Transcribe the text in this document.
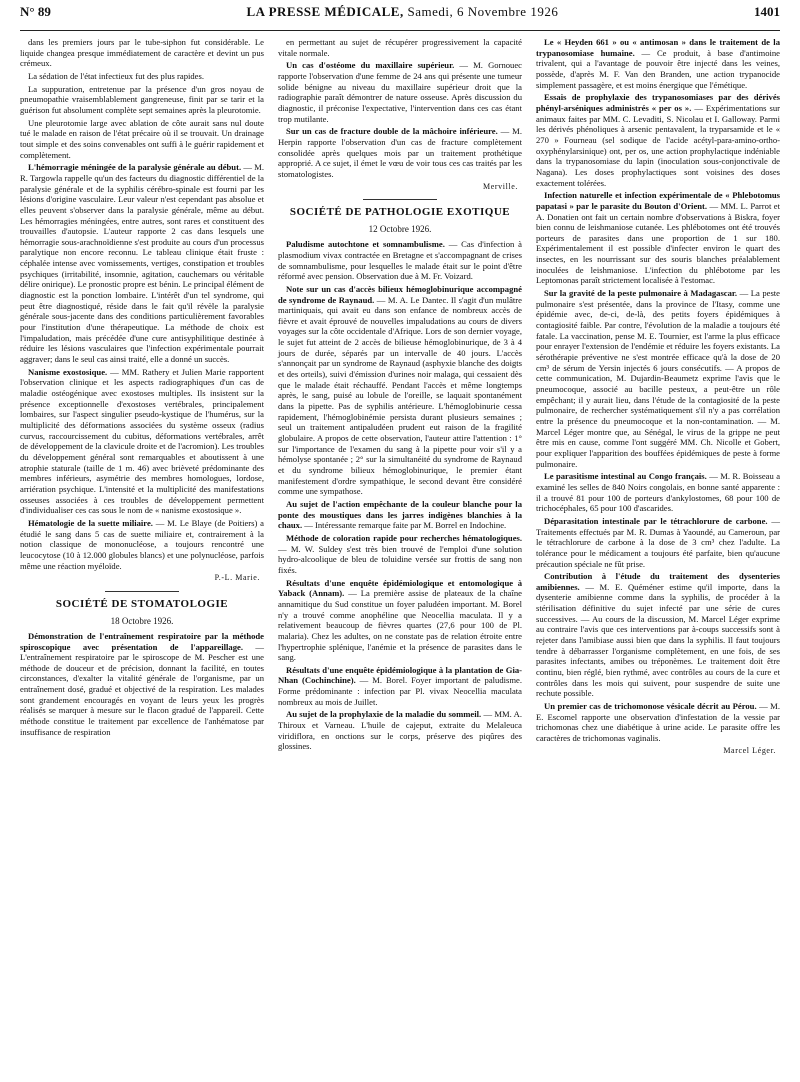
N° 89	LA PRESSE MÉDICALE, Samedi, 6 Novembre 1926	1401

dans les premiers jours par le tube-siphon fut considérable. Le liquide changea presque immédiatement de caractère et devint un pus crémeux.

La sédation de l'état infectieux fut des plus rapides.

La suppuration, entretenue par la présence d'un gros noyau de pneumopathie vraisemblablement gangreneuse, finit par se tarir et la guérison fut absolument complète sept semaines après la pleurotomie.

Une pleurotomie large avec ablation de côte aurait sans nul doute tué le malade en raison de l'état précaire où il se trouvait. Un drainage tout simple et des soins convenables ont suffi à le guérir rapidement et complètement.

L'hémorragie méningée de la paralysie générale au début. — M. R. Targowla rappelle qu'un des facteurs du diagnostic différentiel de la paralysie générale et de la syphilis cérébro-spinale est fourni par les lésions d'origine vasculaire. Leur valeur n'est cependant pas absolue et elles peuvent s'observer dans la paralysie générale, même au début. Les hémorragies méningées, entre autres, sont rares et constituent des trouvailles d'autopsie. L'auteur rapporte 2 cas dans lesquels une hémorragie sous-arachnoïdienne s'est produite au cours d'un processus paralytique non encore reconnu. Le tableau clinique était fruste : céphalée intense avec vomissements, vertiges, constipation et troubles psychiques (irritabilité, insomnie, agitation, cauchemars ou véritable délire onirique). Le pronostic propre est bénin. Le principal élément de diagnostic est la ponction lombaire. L'intérêt d'un tel syndrome, qui peut être diagnostiqué, réside dans le fait qu'il révèle la paralysie générale sous-jacente dans des conditions particulièrement favorables pour l'institution d'une thérapeutique. La méthode de choix est l'impaludation, mais précédée d'une cure antisyphilitique destinée à réduire les lésions vasculaires que l'infection expérimentale pourrait aggraver; dans le seul cas ainsi traité, elle a donné un succès.

Nanisme exostosique. — MM. Rathery et Julien Marie rapportent l'observation clinique et les aspects radiographiques d'un cas de maladie ostéogénique avec exostoses multiples. Ils insistent sur la présence exceptionnelle d'exostoses vertébrales, principalement lombaires, sur l'aspect singulier pseudo-kystique de l'humérus, sur la multiplicité des déformations associées du système osseux (radius curvus, raccourcissement du cubitus, déformations vertébrales, arrêt de développement de la clavicule droite et de l'acromion). Les troubles du développement général sont remarquables et aboutissent à une atrophie staturale (taille de 1 m. 46) avec brièveté prédominante des membres inférieurs, asymétrie des membres homologues, lordose, arriération psychique. L'intensité et la multiplicité des manifestations osseuses associées à ces troubles de développement permettent d'individualiser ces cas sous le nom de « nanisme exostosique ».

Hématologie de la suette miliaire. — M. Le Blaye (de Poitiers) a étudié le sang dans 5 cas de suette miliaire et, contrairement à la notion classique de mononucléose, a toujours rencontré une leucocytose (10 à 12.000 globules blancs) et une polynucléose, parfois même une réaction myéloïde.

P.-L. Marie.
SOCIÉTÉ DE STOMATOLOGIE
18 Octobre 1926.

Démonstration de l'entraînement respiratoire par la méthode spiroscopique avec présentation de l'appareillage. — L'entraînement respiratoire par le spiroscope de M. Pescher est une méthode de douceur et de précision, donnant la facilité, en toutes circonstances, d'exalter la vitalité générale de l'organisme, par un entraînement dosé, gradué et objectivé de la respiration. Les malades sont grandement encouragés en voyant de leurs yeux les progrès réalisés se marquer à mesure sur le flacon gradué de l'appareil. Cette méthode constitue le traitement par excellence de l'anhématose par insuffisance de respiration

en permettant au sujet de récupérer progressivement la capacité vitale normale.

Un cas d'ostéome du maxillaire supérieur. — M. Gornouec rapporte l'observation d'une femme de 24 ans qui présente une tumeur solide bénigne au niveau du maxillaire supérieur droit que la radiographie paraît démontrer de nature osseuse. Après discussion du diagnostic, il préconise l'expectative, l'intervention dans ces cas étant trop mutilante.

Sur un cas de fracture double de la mâchoire inférieure. — M. Herpin rapporte l'observation d'un cas de fracture complètement consolidée après quelques mois par un traitement prothétique approprié. A ce sujet, il émet le vœu de voir tous ces cas traités par les stomatologistes.

Merville.
SOCIÉTÉ DE PATHOLOGIE EXOTIQUE
12 Octobre 1926.

Paludisme autochtone et somnambulisme. — Cas d'infection à plasmodium vivax contractée en Bretagne et s'accompagnant de crises de somnambulisme, pour lesquelles le malade était sur le point d'être réformé avec pension. Observation due à M. Fr. Voizard.

Note sur un cas d'accès bilieux hémoglobinurique accompagné de syndrome de Raynaud. — M. A. Le Dantec. Il s'agit d'un mulâtre martiniquais, qui avait eu dans son enfance de nombreux accès de fièvre et avait éprouvé de nouvelles impaludations au cours de divers voyages sur la côte occidentale d'Afrique. Lors de son dernier voyage, le sujet fut atteint de 2 accès de bilieuse hémoglobinurique, de 3 à 4 jours de durée, séparés par un intervalle de 40 jours. L'accès s'annonçait par un syndrome de Raynaud (asphyxie blanche des doigts et des orteils), suivi d'émission d'urines noir malaga, qui cessaient dès que le malade était réchauffé. Pendant l'accès et même longtemps après, le sang, puisé au lobule de l'oreille, se laquait spontanément dans la pipette. Pas de syphilis antérieure. L'hémoglobinurie cessa rapidement, l'hémoglobinémie persista durant plusieurs semaines ; seul un traitement antipaludéen prudent eut raison de la fragilité globulaire. A propos de cette observation, l'auteur attire l'attention : 1° sur l'importance de l'examen du sang à la pipette pour voir s'il y a hémolyse spontanée ; 2° sur la simultanéité du syndrome de Raynaud et du syndrome bilieux hémoglobinurique, le premier étant manifestement d'ordre sympathique, le second devant être considéré comme une sympathose.

Au sujet de l'action empêchante de la couleur blanche pour la ponte des moustiques dans les jarres indigènes blanchies à la chaux. — Intéressante remarque faite par M. Borrel en Indochine.

Méthode de coloration rapide pour recherches hématologiques. — M. W. Suldey s'est très bien trouvé de l'emploi d'une solution hydro-alcoolique de bleu de toluidine versée sur frottis de sang non fixés.

Résultats d'une enquête épidémiologique et entomologique à Yaback (Annam). — La première assise de plateaux de la chaîne annamitique du Sud constitue un foyer paludéen important. M. Borel n'y a trouvé comme anophéline que Neocellia maculata. Il y a relativement beaucoup de fièvres quartes (27,6 pour 100 de Pl. malaria). Chez les adultes, on ne constate pas de relation étroite entre l'hypertrophie splénique, l'anémie et la présence de parasites dans le sang.

Résultats d'une enquête épidémiologique à la plantation de Gia-Nhan (Cochinchine). — M. Borel. Foyer important de paludisme. Forme prédominante : infection par Pl. vivax Neocellia maculata nombreux au mois de Juillet.

Au sujet de la prophylaxie de la maladie du sommeil. — MM. A. Thiroux et Varneau. L'huile de cajeput, extraite du Melaleuca viridiflora, en onctions sur le corps, préserve des piqûres des glossines.

Le « Heyden 661 » ou « antimosan » dans le traitement de la trypanosomiase humaine. — Ce produit, à base d'antimoine trivalent, qui a l'avantage de pouvoir être injecté dans les veines, possède, d'après M. F. Van den Branden, une action trypanocide simplement passagère, et est moins énergique que l'émétique.

Essais de prophylaxie des trypanosomiases par des dérivés phényl-arséniques administrés « per os ». — Expérimentations sur animaux faites par MM. C. Levaditi, S. Nicolau et I. Galloway. Parmi les dérivés phénoliques à arsenic pentavalent, la tryparsamide et le « 270 » Fourneau (sel sodique de l'acide acétyl-para-amino-ortho-oxyphénylarsinique) ont, per os, une action prophylactique indéniable dans la trypanosomiase du lapin (inoculation sous-conjonctivale de Nagana). Les doses prophylactiques sont voisines des doses exactement tolérées.

Infection naturelle et infection expérimentale de « Phlebotomus papatasi » par le parasite du Bouton d'Orient. — MM. L. Parrot et A. Donatien ont fait un certain nombre d'observations à Biskra, foyer bien connu de leishmaniose cutanée. Les phlébotomes ont été trouvés porteurs de parasites dans une proportion de 1 sur 180. Expérimentalement il est possible d'infecter environ le quart des insectes, en les nourrissant sur des souris blanches préalablement inoculées de leishmaniose. L'infection du phlébotome par les Leptomonas paraît strictement localisée à l'estomac.

Sur la gravité de la peste pulmonaire à Madagascar. — La peste pulmonaire s'est présentée, dans la province de l'Itasy, comme une épidémie avec, de-ci, de-là, des petits foyers épidémiques à contagiosité faible. Par contre, l'évolution de la maladie a toujours été fatale. La vaccination, pense M. E. Tournier, est l'arme la plus efficace pour enrayer l'extension de l'endémie et réduire les foyers existants. La sérothérapie préventive ne s'est montrée efficace qu'à la dose de 20 cm³ de sérum de Yersin injectés 6 jours consécutifs. — A propos de cette communication, M. Dujardin-Beaumetz exprime l'avis que le pneumocoque, associé au bacille pesteux, a peut-être un rôle empêchant; il y aurait lieu, dans l'étude de la contagiosité de la peste pulmonaire, de rechercher systématiquement s'il n'y a pas corrélation entre la présence du pneumocoque et la non-contamination. — M. Marcel Léger montre que, au Sénégal, le virus de la grippe ne peut être mis en cause, comme l'ont suggéré MM. Ch. Nicolle et Gobert, pour expliquer l'apparition des bouffées épidémiques de peste à forme pulmonaire.

Le parasitisme intestinal au Congo français. — M. R. Boisseau a examiné les selles de 840 Noirs congolais, en bonne santé apparente : il a trouvé 81 pour 100 de porteurs d'ankylostomes, 68 pour 100 de trichocéphales, 65 pour 100 d'ascarides.

Déparasitation intestinale par le tétrachlorure de carbone. — Traitements effectués par M. R. Dumas à Yaoundé, au Cameroun, par le tétrachlorure de carbone à la dose de 3 cm³ chez l'adulte. La tolérance pour le médicament a toujours été parfaite, bien qu'aucune précaution spéciale ne fût prise.

Contribution à l'étude du traitement des dysenteries amibiennes. — M. E. Quéméner estime qu'il importe, dans la dysenterie amibienne comme dans la syphilis, de procéder à la stérilisation définitive du sujet infecté par une série de cures successives. — Au cours de la discussion, M. Marcel Léger exprime au contraire l'avis que ces interventions par à-coups successifs sont à rejeter dans l'amibiase aussi bien que dans la syphilis. Il faut toujours tendre à débarrasser l'organisme complètement, en une fois, de ses parasites infectants, amibes ou tréponèmes. Le traitement doit être continu, bien réglé, bien rythmé, avec contrôles au cours de la cure et contrôles dans les mois qui suivent, pour suspendre de suite une rechute possible.

Un premier cas de trichomonose vésicale décrit au Pérou. — M. E. Escomel rapporte une observation d'infestation de la vessie par trichomonas chez une diabétique à urine acide. Le parasite offre les caractères de trichomonas vaginalis.

Marcel Léger.
